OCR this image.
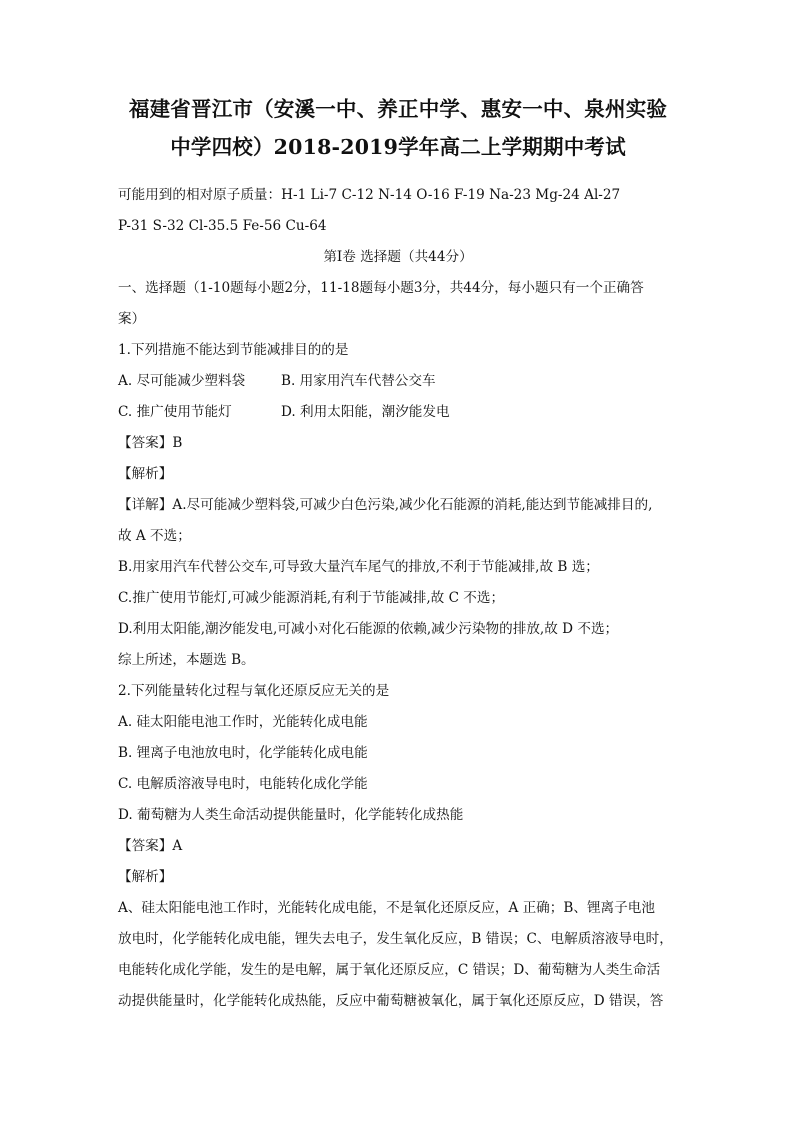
福建省晋江市（安溪一中、养正中学、惠安一中、泉州实验

中学四校）2018-2019学年高二上学期期中考试

可能用到的相对原子质量：H-1 Li-7 C-12 N-14 O-16 F-19 Na-23 Mg-24 Al-27

P-31 S-32 Cl-35.5 Fe-56 Cu-64

第Ⅰ卷 选择题（共44分）

一、选择题（1-10题每小题2分，11-18题每小题3分，共44分，每小题只有一个正确答

案）

1.下列措施不能达到节能减排目的的是

A. 尽可能减少塑料袋	B. 用家用汽车代替公交车
C. 推广使用节能灯	D. 利用太阳能，潮汐能发电

【答案】B

【解析】

【详解】A.尽可能减少塑料袋,可减少白色污染,减少化石能源的消耗,能达到节能减排目的,

故 A 不选；

B.用家用汽车代替公交车,可导致大量汽车尾气的排放,不利于节能减排,故 B 选；

C.推广使用节能灯,可减少能源消耗,有利于节能减排,故 C 不选；

D.利用太阳能,潮汐能发电,可减小对化石能源的依赖,减少污染物的排放,故 D 不选；

综上所述，本题选 B。

2.下列能量转化过程与氧化还原反应无关的是

A. 硅太阳能电池工作时，光能转化成电能

B. 锂离子电池放电时，化学能转化成电能

C. 电解质溶液导电时，电能转化成化学能

D. 葡萄糖为人类生命活动提供能量时，化学能转化成热能

【答案】A

【解析】

A、硅太阳能电池工作时，光能转化成电能，不是氧化还原反应，A 正确；B、锂离子电池

放电时，化学能转化成电能，锂失去电子，发生氧化反应，B 错误；C、电解质溶液导电时，

电能转化成化学能，发生的是电解，属于氧化还原反应，C 错误；D、葡萄糖为人类生命活

动提供能量时，化学能转化成热能，反应中葡萄糖被氧化，属于氧化还原反应，D 错误，答
